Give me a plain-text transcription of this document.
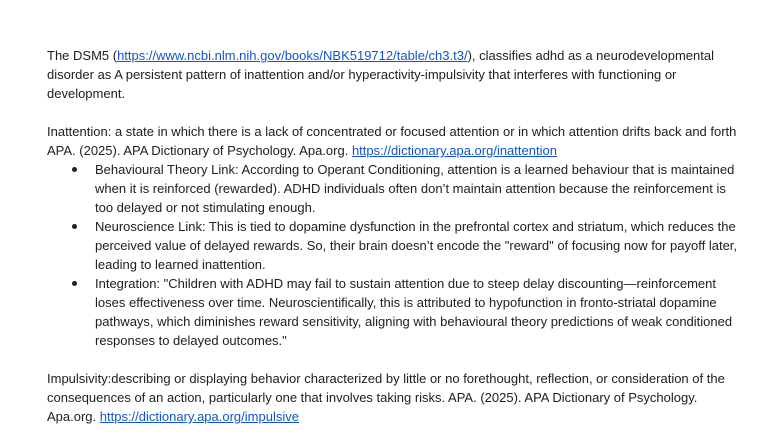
The DSM5 (https://www.ncbi.nlm.nih.gov/books/NBK519712/table/ch3.t3/), classifies adhd as a neurodevelopmental disorder as A persistent pattern of inattention and/or hyperactivity-impulsivity that interferes with functioning or development.

Inattention: a state in which there is a lack of concentrated or focused attention or in which attention drifts back and forth APA. (2025). APA Dictionary of Psychology. Apa.org. https://dictionary.apa.org/inattention

Behavioural Theory Link: According to Operant Conditioning, attention is a learned behaviour that is maintained when it is reinforced (rewarded). ADHD individuals often don’t maintain attention because the reinforcement is too delayed or not stimulating enough.
Neuroscience Link: This is tied to dopamine dysfunction in the prefrontal cortex and striatum, which reduces the perceived value of delayed rewards. So, their brain doesn’t encode the "reward" of focusing now for payoff later, leading to learned inattention.
Integration: "Children with ADHD may fail to sustain attention due to steep delay discounting—reinforcement loses effectiveness over time. Neuroscientifically, this is attributed to hypofunction in fronto-striatal dopamine pathways, which diminishes reward sensitivity, aligning with behavioural theory predictions of weak conditioned responses to delayed outcomes."

Impulsivity:describing or displaying behavior characterized by little or no forethought, reflection, or consideration of the consequences of an action, particularly one that involves taking risks. APA. (2025). APA Dictionary of Psychology. Apa.org. https://dictionary.apa.org/impulsive
